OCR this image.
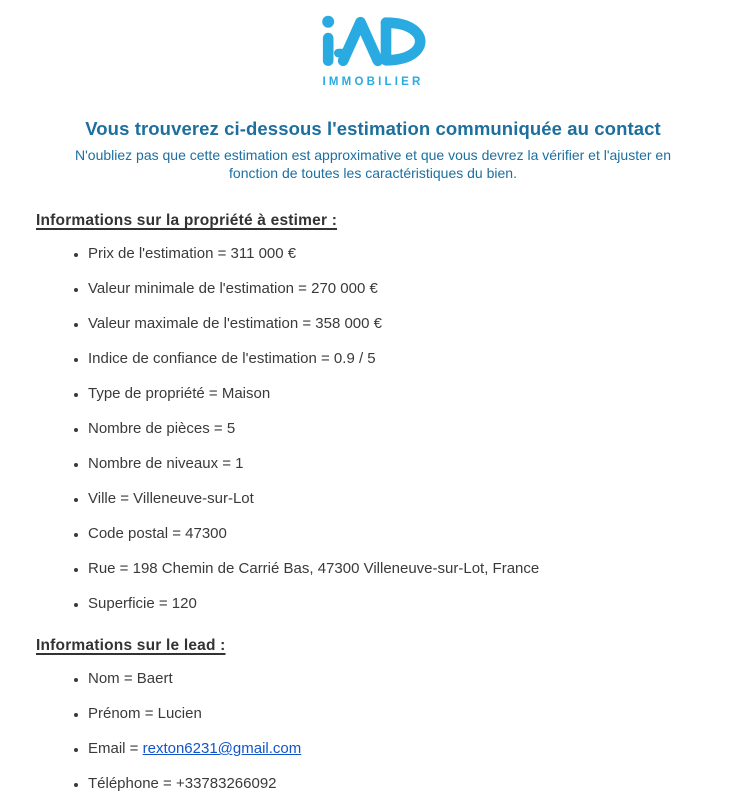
IMMOBILIER
Vous trouverez ci-dessous l'estimation communiquée au contact

N'oubliez pas que cette estimation est approximative et que vous devrez la vérifier et l'ajuster en fonction de toutes les caractéristiques du bien.

Informations sur la propriété à estimer :
• Prix de l'estimation = 311 000 €
• Valeur minimale de l'estimation = 270 000 €
• Valeur maximale de l'estimation = 358 000 €
• Indice de confiance de l'estimation = 0.9 / 5
• Type de propriété = Maison
• Nombre de pièces = 5
• Nombre de niveaux = 1
• Ville = Villeneuve-sur-Lot
• Code postal = 47300
• Rue = 198 Chemin de Carrié Bas, 47300 Villeneuve-sur-Lot, France
• Superficie = 120
Informations sur le lead :
• Nom = Baert
• Prénom = Lucien
• Email = rexton6231@gmail.com
• Téléphone = +33783266092
